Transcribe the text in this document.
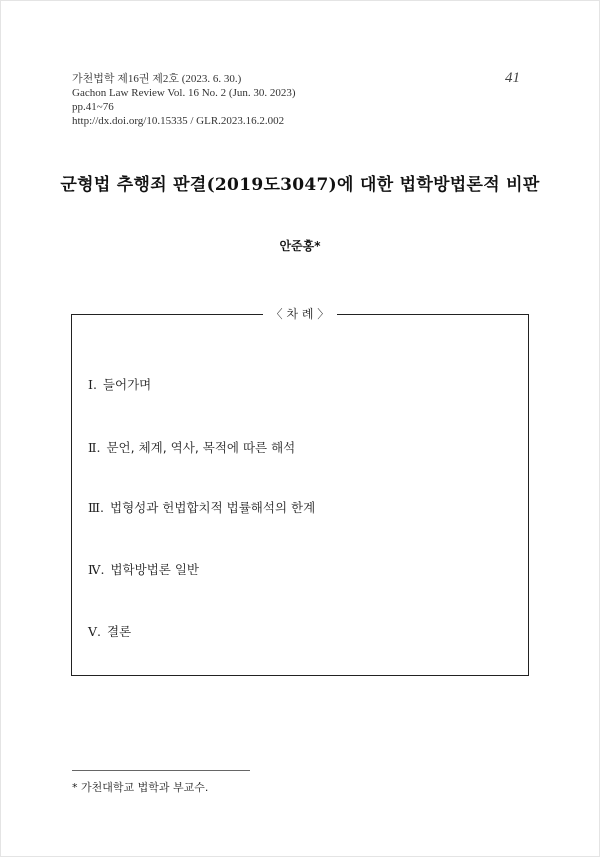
가천법학 제16권 제2호 (2023. 6. 30.)
Gachon Law Review Vol. 16 No. 2 (Jun. 30. 2023)
pp.41~76
http://dx.doi.org/10.15335 / GLR.2023.16.2.002
41
군형법 추행죄 판결(2019도3047)에 대한 법학방법론적 비판
안준홍*
〈 차 례 〉
Ⅰ. 들어가며
Ⅱ. 문언, 체계, 역사, 목적에 따른 해석
Ⅲ. 법형성과 헌법합치적 법률해석의 한계
Ⅳ. 법학방법론 일반
Ⅴ. 결론
* 가천대학교 법학과 부교수.
